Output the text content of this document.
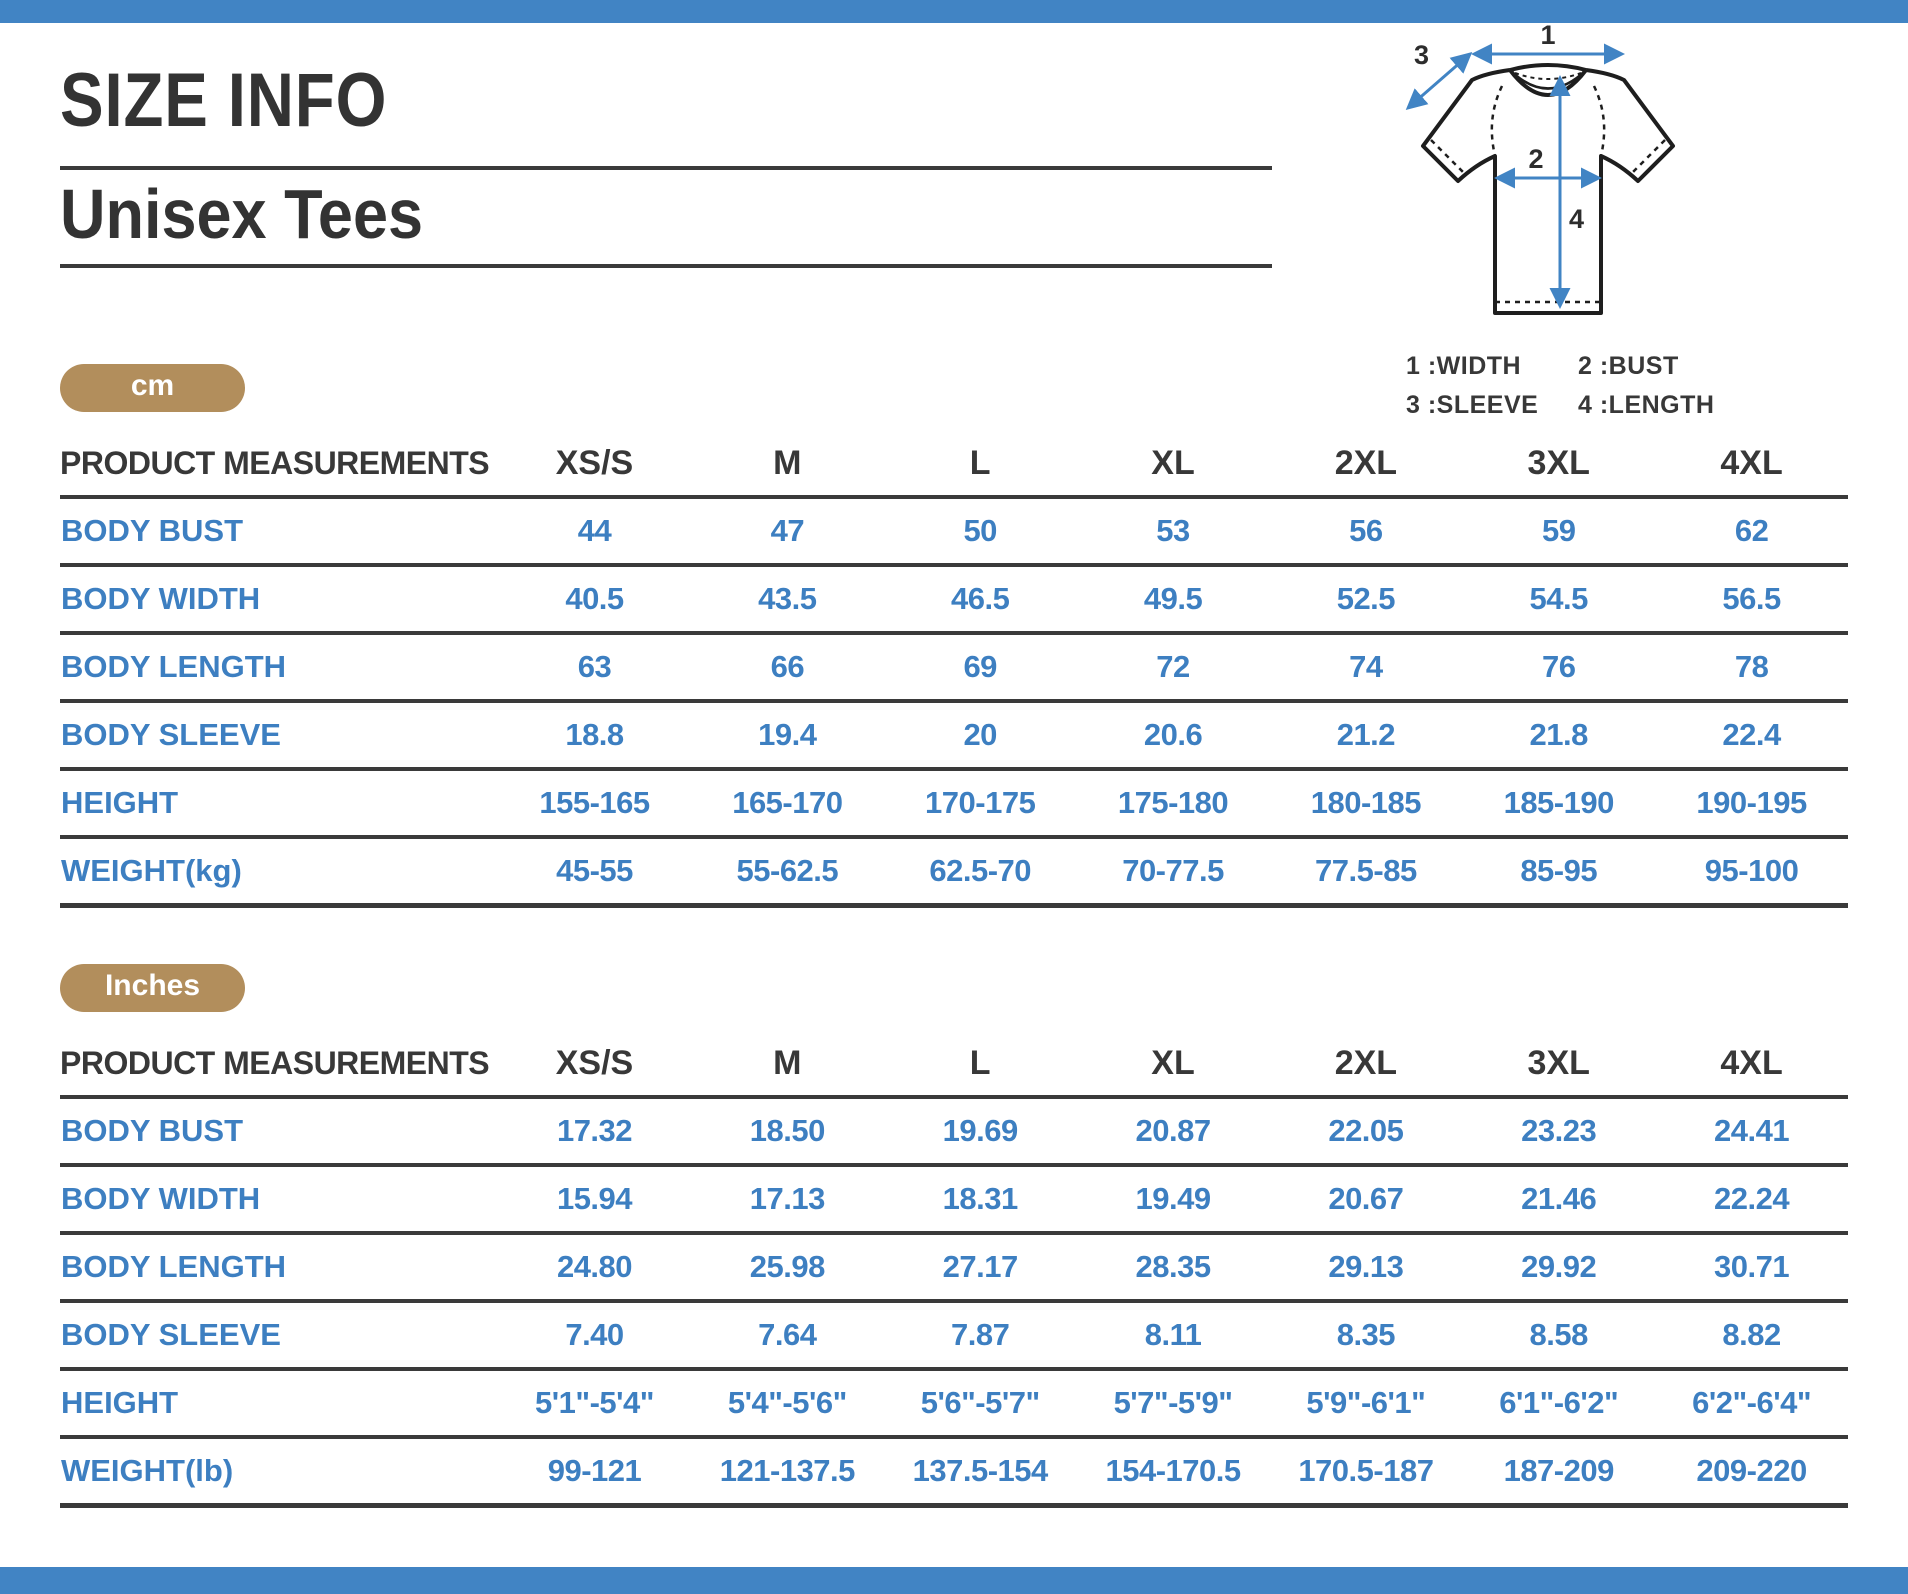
SIZE INFO
Unisex Tees
1
2
3
4
1 :WIDTH	2 :BUST
3 :SLEEVE	4 :LENGTH
cm
PRODUCT MEASUREMENTS	XS/S	M	L	XL	2XL	3XL	4XL
BODY BUST	44	47	50	53	56	59	62
BODY WIDTH	40.5	43.5	46.5	49.5	52.5	54.5	56.5
BODY LENGTH	63	66	69	72	74	76	78
BODY SLEEVE	18.8	19.4	20	20.6	21.2	21.8	22.4
HEIGHT	155-165	165-170	170-175	175-180	180-185	185-190	190-195
WEIGHT(kg)	45-55	55-62.5	62.5-70	70-77.5	77.5-85	85-95	95-100
Inches
PRODUCT MEASUREMENTS	XS/S	M	L	XL	2XL	3XL	4XL
BODY BUST	17.32	18.50	19.69	20.87	22.05	23.23	24.41
BODY WIDTH	15.94	17.13	18.31	19.49	20.67	21.46	22.24
BODY LENGTH	24.80	25.98	27.17	28.35	29.13	29.92	30.71
BODY SLEEVE	7.40	7.64	7.87	8.11	8.35	8.58	8.82
HEIGHT	5'1"-5'4"	5'4"-5'6"	5'6"-5'7"	5'7"-5'9"	5'9"-6'1"	6'1"-6'2"	6'2"-6'4"
WEIGHT(lb)	99-121	121-137.5	137.5-154	154-170.5	170.5-187	187-209	209-220
